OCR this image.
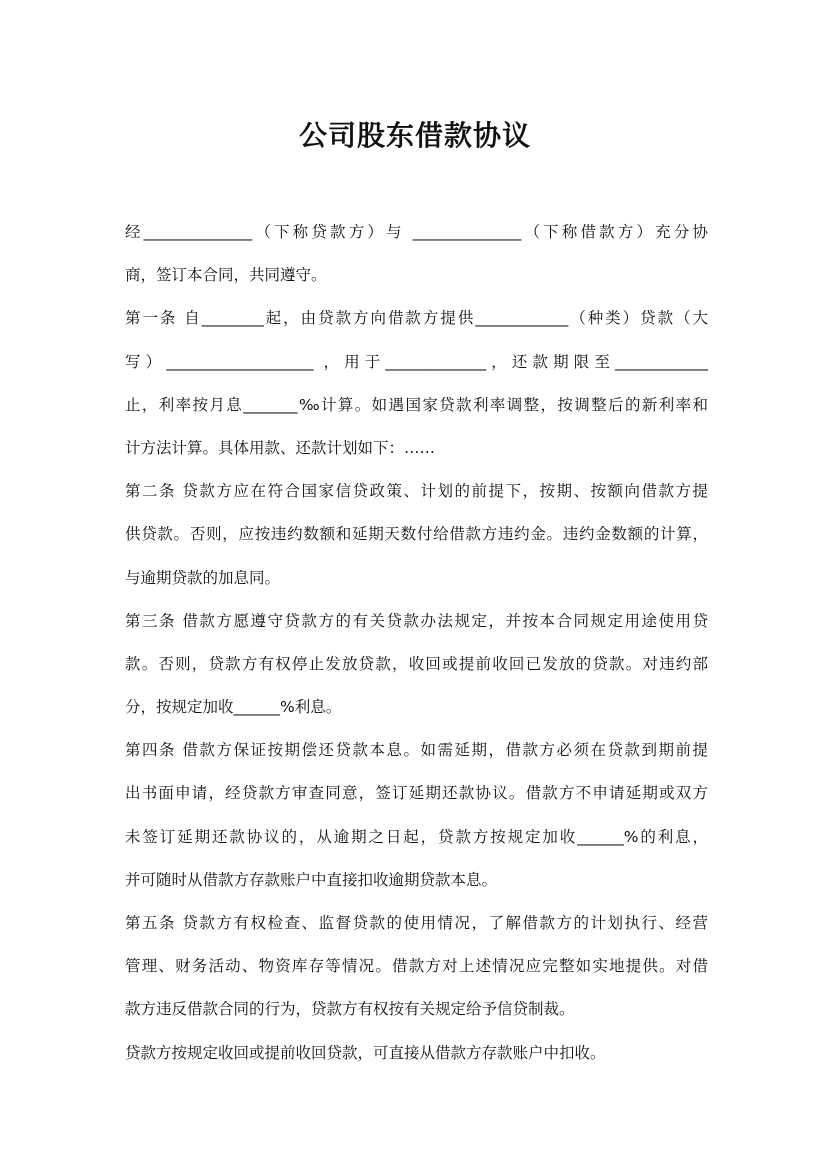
公司股东借款协议
经______________（下称贷款方）与 ______________（下称借款方）充分协
商，签订本合同，共同遵守。
第一条 自________起，由贷款方向借款方提供____________（种类）贷款（大
写）___________________ ，用于_____________，还款期限至____________
止，利率按月息_______‰计算。如遇国家贷款利率调整，按调整后的新利率和
计方法计算。具体用款、还款计划如下：……
第二条 贷款方应在符合国家信贷政策、计划的前提下，按期、按额向借款方提
供贷款。否则，应按违约数额和延期天数付给借款方违约金。违约金数额的计算，
与逾期贷款的加息同。
第三条 借款方愿遵守贷款方的有关贷款办法规定，并按本合同规定用途使用贷
款。否则，贷款方有权停止发放贷款，收回或提前收回已发放的贷款。对违约部
分，按规定加收______%利息。
第四条 借款方保证按期偿还贷款本息。如需延期，借款方必须在贷款到期前提
出书面申请，经贷款方审查同意，签订延期还款协议。借款方不申请延期或双方
未签订延期还款协议的，从逾期之日起，贷款方按规定加收______%的利息，
并可随时从借款方存款账户中直接扣收逾期贷款本息。
第五条 贷款方有权检查、监督贷款的使用情况，了解借款方的计划执行、经营
管理、财务活动、物资库存等情况。借款方对上述情况应完整如实地提供。对借
款方违反借款合同的行为，贷款方有权按有关规定给予信贷制裁。
贷款方按规定收回或提前收回贷款，可直接从借款方存款账户中扣收。
